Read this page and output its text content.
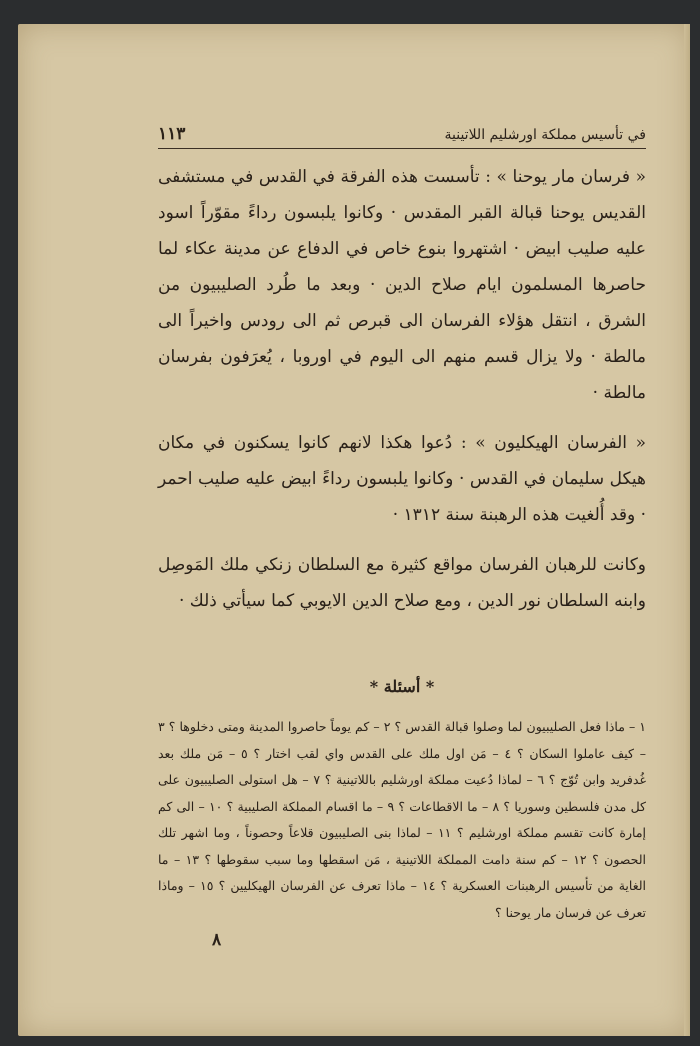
في تأسيس مملكة اورشليم اللاتينية
١١٣

« فرسان مار يوحنا » : تأسست هذه الفرقة في القدس في مستشفى القديس يوحنا قبالة القبر المقدس · وكانوا يلبسون رداءً مقوّراً اسود عليه صليب ابيض · اشتهروا بنوع خاص في الدفاع عن مدينة عكاء لما حاصرها المسلمون ايام صلاح الدين · وبعد ما طُرد الصليبيون من الشرق ، انتقل هؤلاء الفرسان الى قبرص ثم الى رودس واخيراً الى مالطة · ولا يزال قسم منهم الى اليوم في اوروبا ، يُعرَفون بفرسان مالطة ·

« الفرسان الهيكليون » : دُعوا هكذا لانهم كانوا يسكنون في مكان هيكل سليمان في القدس · وكانوا يلبسون رداءً ابيض عليه صليب احمر · وقد أُلغيت هذه الرهبنة سنة ١٣١٢ ·

وكانت للرهبان الفرسان مواقع كثيرة مع السلطان زنكي ملك المَوصِل وابنه السلطان نور الدين ، ومع صلاح الدين الايوبي كما سيأتي ذلك ·

* أسئلة *

١ – ماذا فعل الصليبيون لما وصلوا قبالة القدس ؟ ٢ – كم يوماً حاصروا المدينة ومتى دخلوها ؟ ٣ – كيف عاملوا السكان ؟ ٤ – مَن اول ملك على القدس واي لقب اختار ؟ ٥ – مَن ملك بعد غُدفريد وابن تُوّج ؟ ٦ – لماذا دُعيت مملكة اورشليم باللاتينية ؟ ٧ – هل استولى الصليبيون على كل مدن فلسطين وسوريا ؟ ٨ – ما الاقطاعات ؟ ٩ – ما اقسام المملكة الصليبية ؟ ١٠ – الى كم إمارة كانت تقسم مملكة اورشليم ؟ ١١ – لماذا بنى الصليبيون قلاعاً وحصوناً ، وما اشهر تلك الحصون ؟ ١٢ – كم سنة دامت المملكة اللاتينية ، مَن اسقطها وما سبب سقوطها ؟ ١٣ – ما الغاية من تأسيس الرهبنات العسكرية ؟ ١٤ – ماذا تعرف عن الفرسان الهيكليين ؟ ١٥ – وماذا تعرف عن فرسان مار يوحنا ؟

٨
